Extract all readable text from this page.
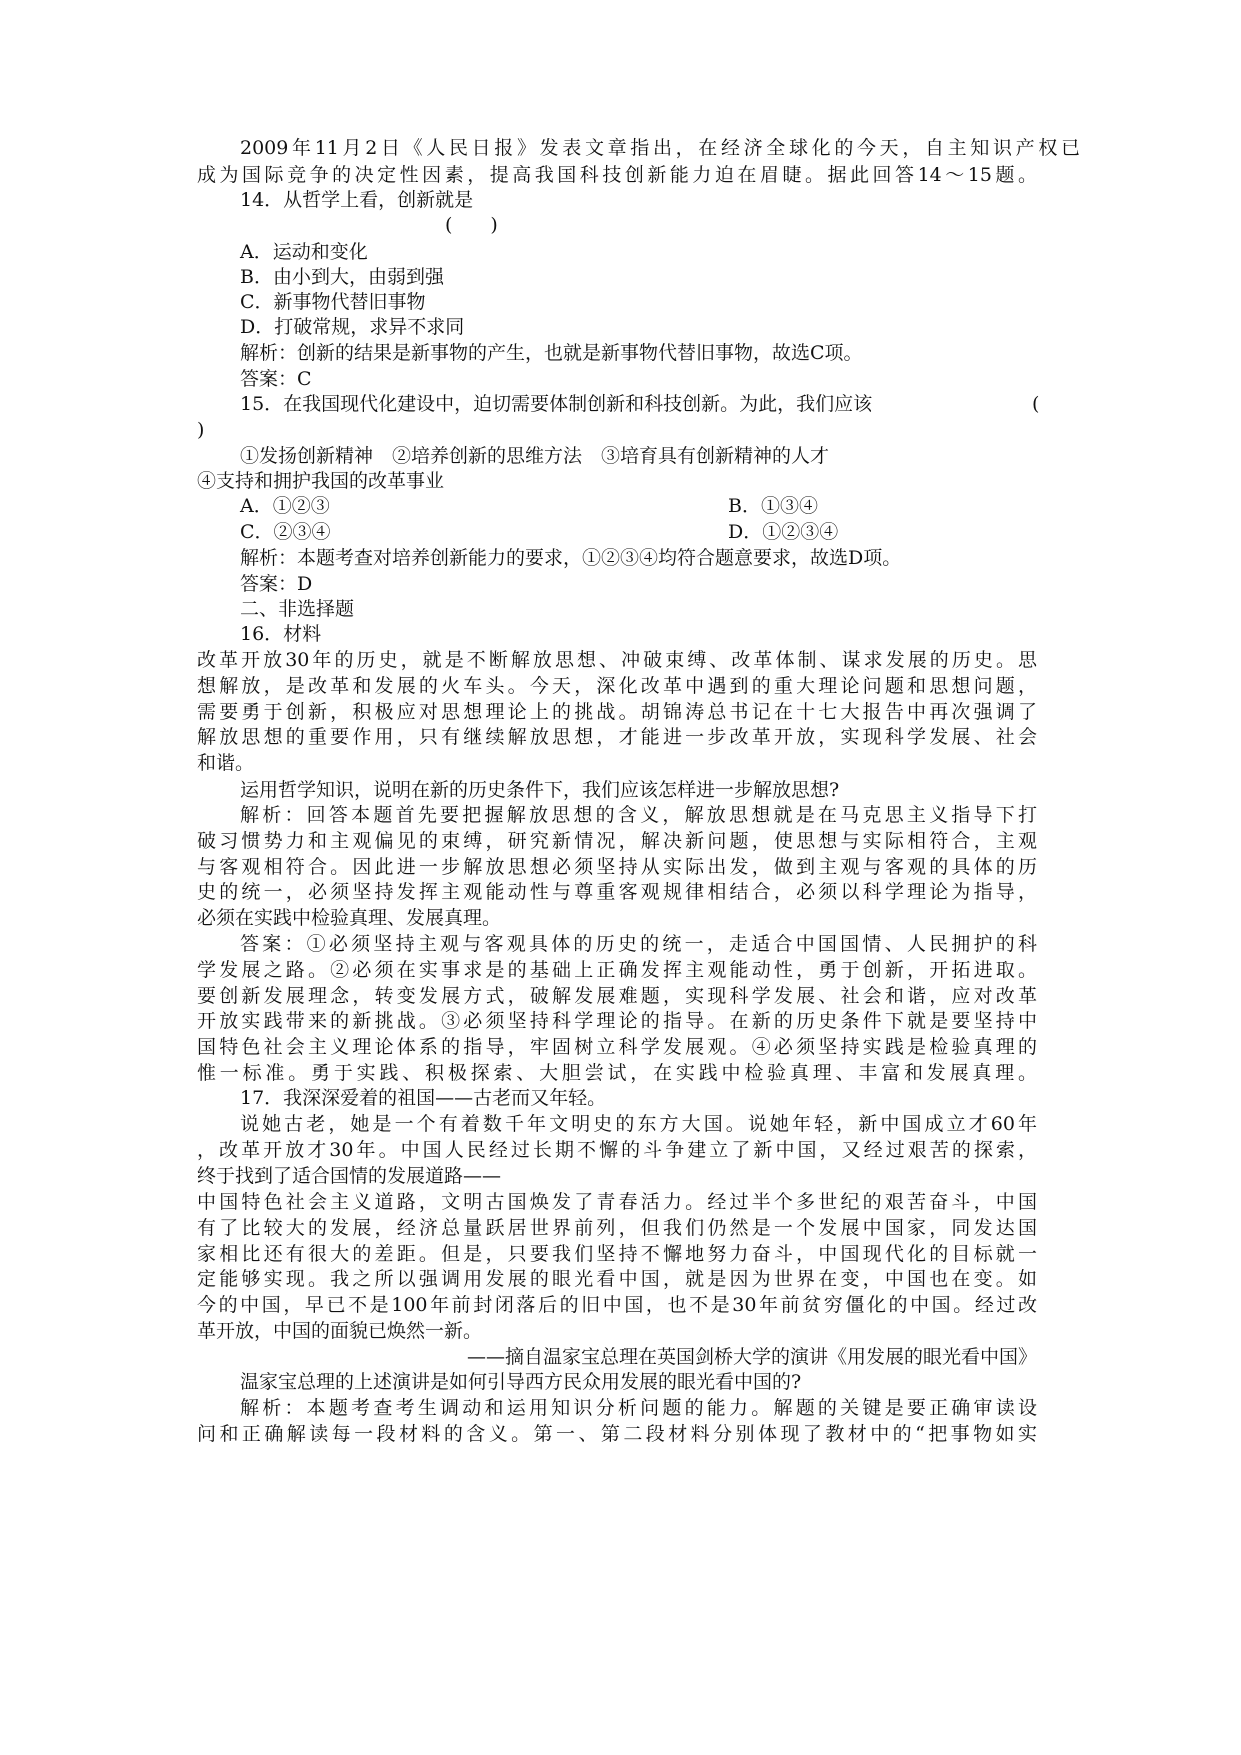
2009年11月2日《人民日报》发表文章指出，在经济全球化的今天，自主知识产权已
成为国际竞争的决定性因素，提高我国科技创新能力迫在眉睫。据此回答14～15题。
14．从哲学上看，创新就是
(　　)
A．运动和变化
B．由小到大，由弱到强
C．新事物代替旧事物
D．打破常规，求异不求同
解析：创新的结果是新事物的产生，也就是新事物代替旧事物，故选C项。
答案：C
15．在我国现代化建设中，迫切需要体制创新和科技创新。为此，我们应该	(
)
①发扬创新精神　②培养创新的思维方法　③培育具有创新精神的人才
④支持和拥护我国的改革事业
A．①②③	B．①③④
C．②③④	D．①②③④
解析：本题考查对培养创新能力的要求，①②③④均符合题意要求，故选D项。
答案：D
二、非选择题
16．材料
改革开放30年的历史，就是不断解放思想、冲破束缚、改革体制、谋求发展的历史。思
想解放，是改革和发展的火车头。今天，深化改革中遇到的重大理论问题和思想问题，
需要勇于创新，积极应对思想理论上的挑战。胡锦涛总书记在十七大报告中再次强调了
解放思想的重要作用，只有继续解放思想，才能进一步改革开放，实现科学发展、社会
和谐。
运用哲学知识，说明在新的历史条件下，我们应该怎样进一步解放思想?
解析：回答本题首先要把握解放思想的含义，解放思想就是在马克思主义指导下打
破习惯势力和主观偏见的束缚，研究新情况，解决新问题，使思想与实际相符合，主观
与客观相符合。因此进一步解放思想必须坚持从实际出发，做到主观与客观的具体的历
史的统一，必须坚持发挥主观能动性与尊重客观规律相结合，必须以科学理论为指导，
必须在实践中检验真理、发展真理。
答案：①必须坚持主观与客观具体的历史的统一，走适合中国国情、人民拥护的科
学发展之路。②必须在实事求是的基础上正确发挥主观能动性，勇于创新，开拓进取。
要创新发展理念，转变发展方式，破解发展难题，实现科学发展、社会和谐，应对改革
开放实践带来的新挑战。③必须坚持科学理论的指导。在新的历史条件下就是要坚持中
国特色社会主义理论体系的指导，牢固树立科学发展观。④必须坚持实践是检验真理的
惟一标准。勇于实践、积极探索、大胆尝试，在实践中检验真理、丰富和发展真理。
17．我深深爱着的祖国——古老而又年轻。
说她古老，她是一个有着数千年文明史的东方大国。说她年轻，新中国成立才60年
，改革开放才30年。中国人民经过长期不懈的斗争建立了新中国，又经过艰苦的探索，
终于找到了适合国情的发展道路——
中国特色社会主义道路，文明古国焕发了青春活力。经过半个多世纪的艰苦奋斗，中国
有了比较大的发展，经济总量跃居世界前列，但我们仍然是一个发展中国家，同发达国
家相比还有很大的差距。但是，只要我们坚持不懈地努力奋斗，中国现代化的目标就一
定能够实现。我之所以强调用发展的眼光看中国，就是因为世界在变，中国也在变。如
今的中国，早已不是100年前封闭落后的旧中国，也不是30年前贫穷僵化的中国。经过改
革开放，中国的面貌已焕然一新。
——摘自温家宝总理在英国剑桥大学的演讲《用发展的眼光看中国》
温家宝总理的上述演讲是如何引导西方民众用发展的眼光看中国的?
解析：本题考查考生调动和运用知识分析问题的能力。解题的关键是要正确审读设
问和正确解读每一段材料的含义。第一、第二段材料分别体现了教材中的“把事物如实
